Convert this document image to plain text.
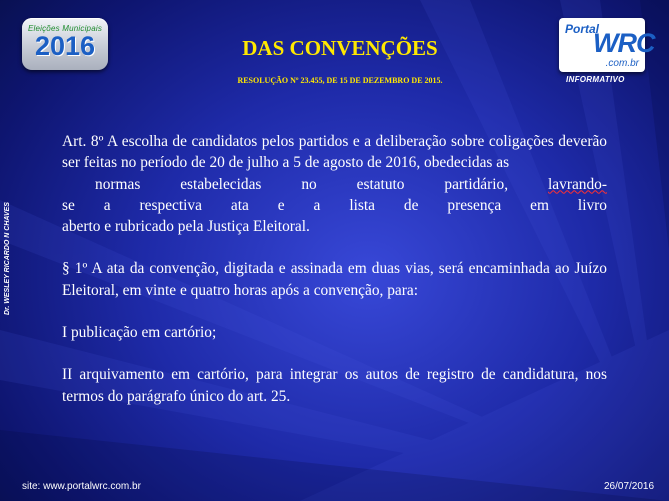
Eleições Municipais
2016
Portal
WRC
.com.br
INFORMATIVO
DAS CONVENÇÕES

RESOLUÇÃO Nº 23.455, DE 15 DE DEZEMBRO DE 2015.

Dr. WESLEY RICARDO N CHAVES

Art. 8º A escolha de candidatos pelos partidos e a deliberação sobre coligações deverão ser feitas no período de 20 de julho a 5 de agosto de 2016, obedecidas as
normas estabelecidas no estatuto partidário,	lavrando-
se a respectiva ata e a lista de presença em livro
aberto e rubricado pela Justiça Eleitoral.

§ 1º A ata da convenção, digitada e assinada em duas vias, será encaminhada ao Juízo Eleitoral, em vinte e quatro horas após a convenção, para:

I publicação em cartório;

II arquivamento em cartório, para integrar os autos de registro de candidatura, nos termos do parágrafo único do art. 25.

site: www.portalwrc.com.br	26/07/2016
